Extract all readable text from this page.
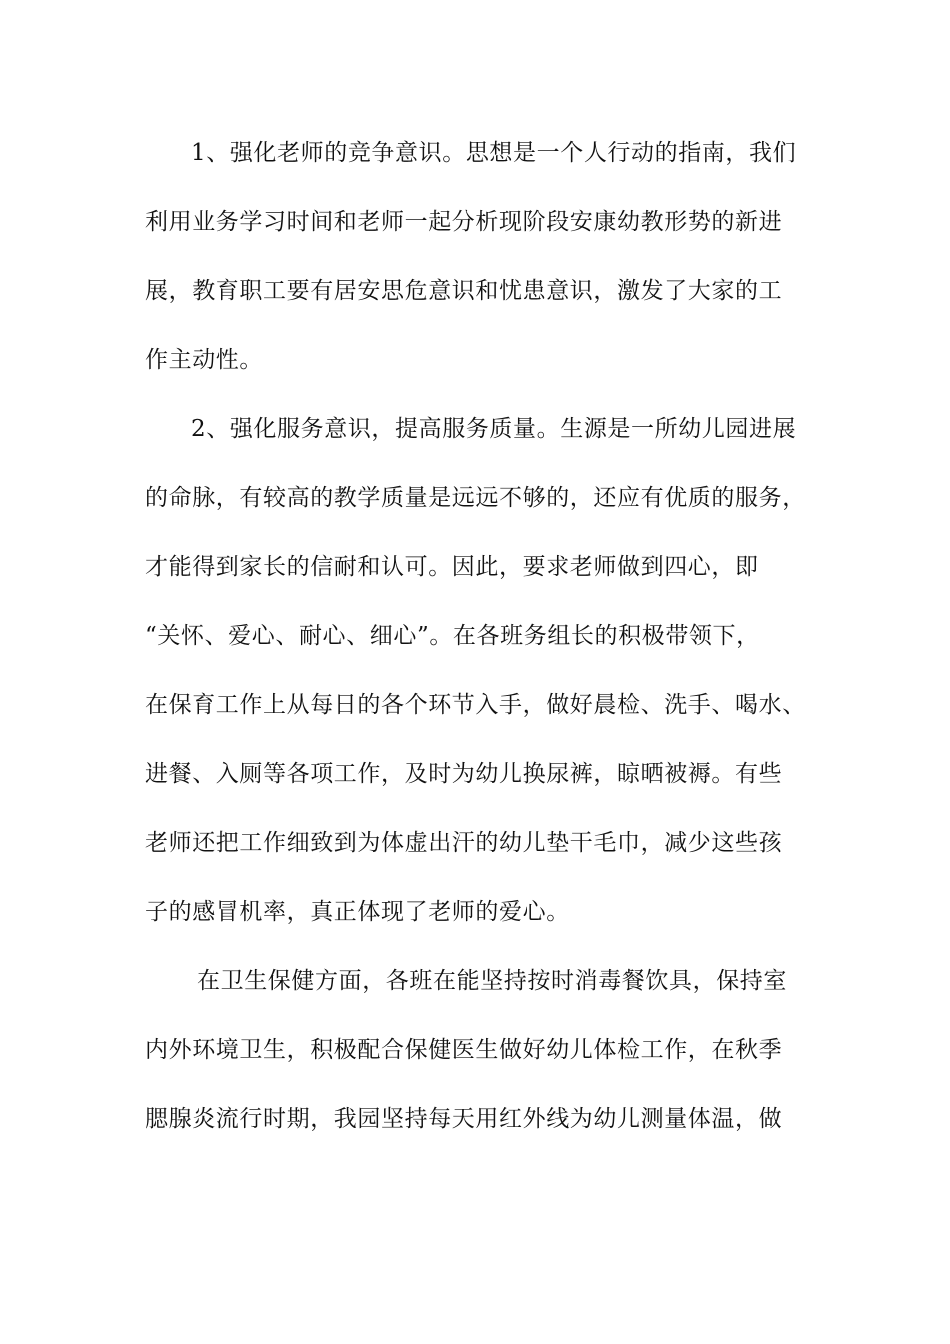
1、强化老师的竞争意识。思想是一个人行动的指南，我们
利用业务学习时间和老师一起分析现阶段安康幼教形势的新进
展，教育职工要有居安思危意识和忧患意识，激发了大家的工
作主动性。
2、强化服务意识，提高服务质量。生源是一所幼儿园进展
的命脉，有较高的教学质量是远远不够的，还应有优质的服务，
才能得到家长的信耐和认可。因此，要求老师做到四心，即
“关怀、爱心、耐心、细心”。在各班务组长的积极带领下，
在保育工作上从每日的各个环节入手，做好晨检、洗手、喝水、
进餐、入厕等各项工作，及时为幼儿换尿裤，晾晒被褥。有些
老师还把工作细致到为体虚出汗的幼儿垫干毛巾，减少这些孩
子的感冒机率，真正体现了老师的爱心。
在卫生保健方面，各班在能坚持按时消毒餐饮具，保持室
内外环境卫生，积极配合保健医生做好幼儿体检工作，在秋季
腮腺炎流行时期，我园坚持每天用红外线为幼儿测量体温，做
